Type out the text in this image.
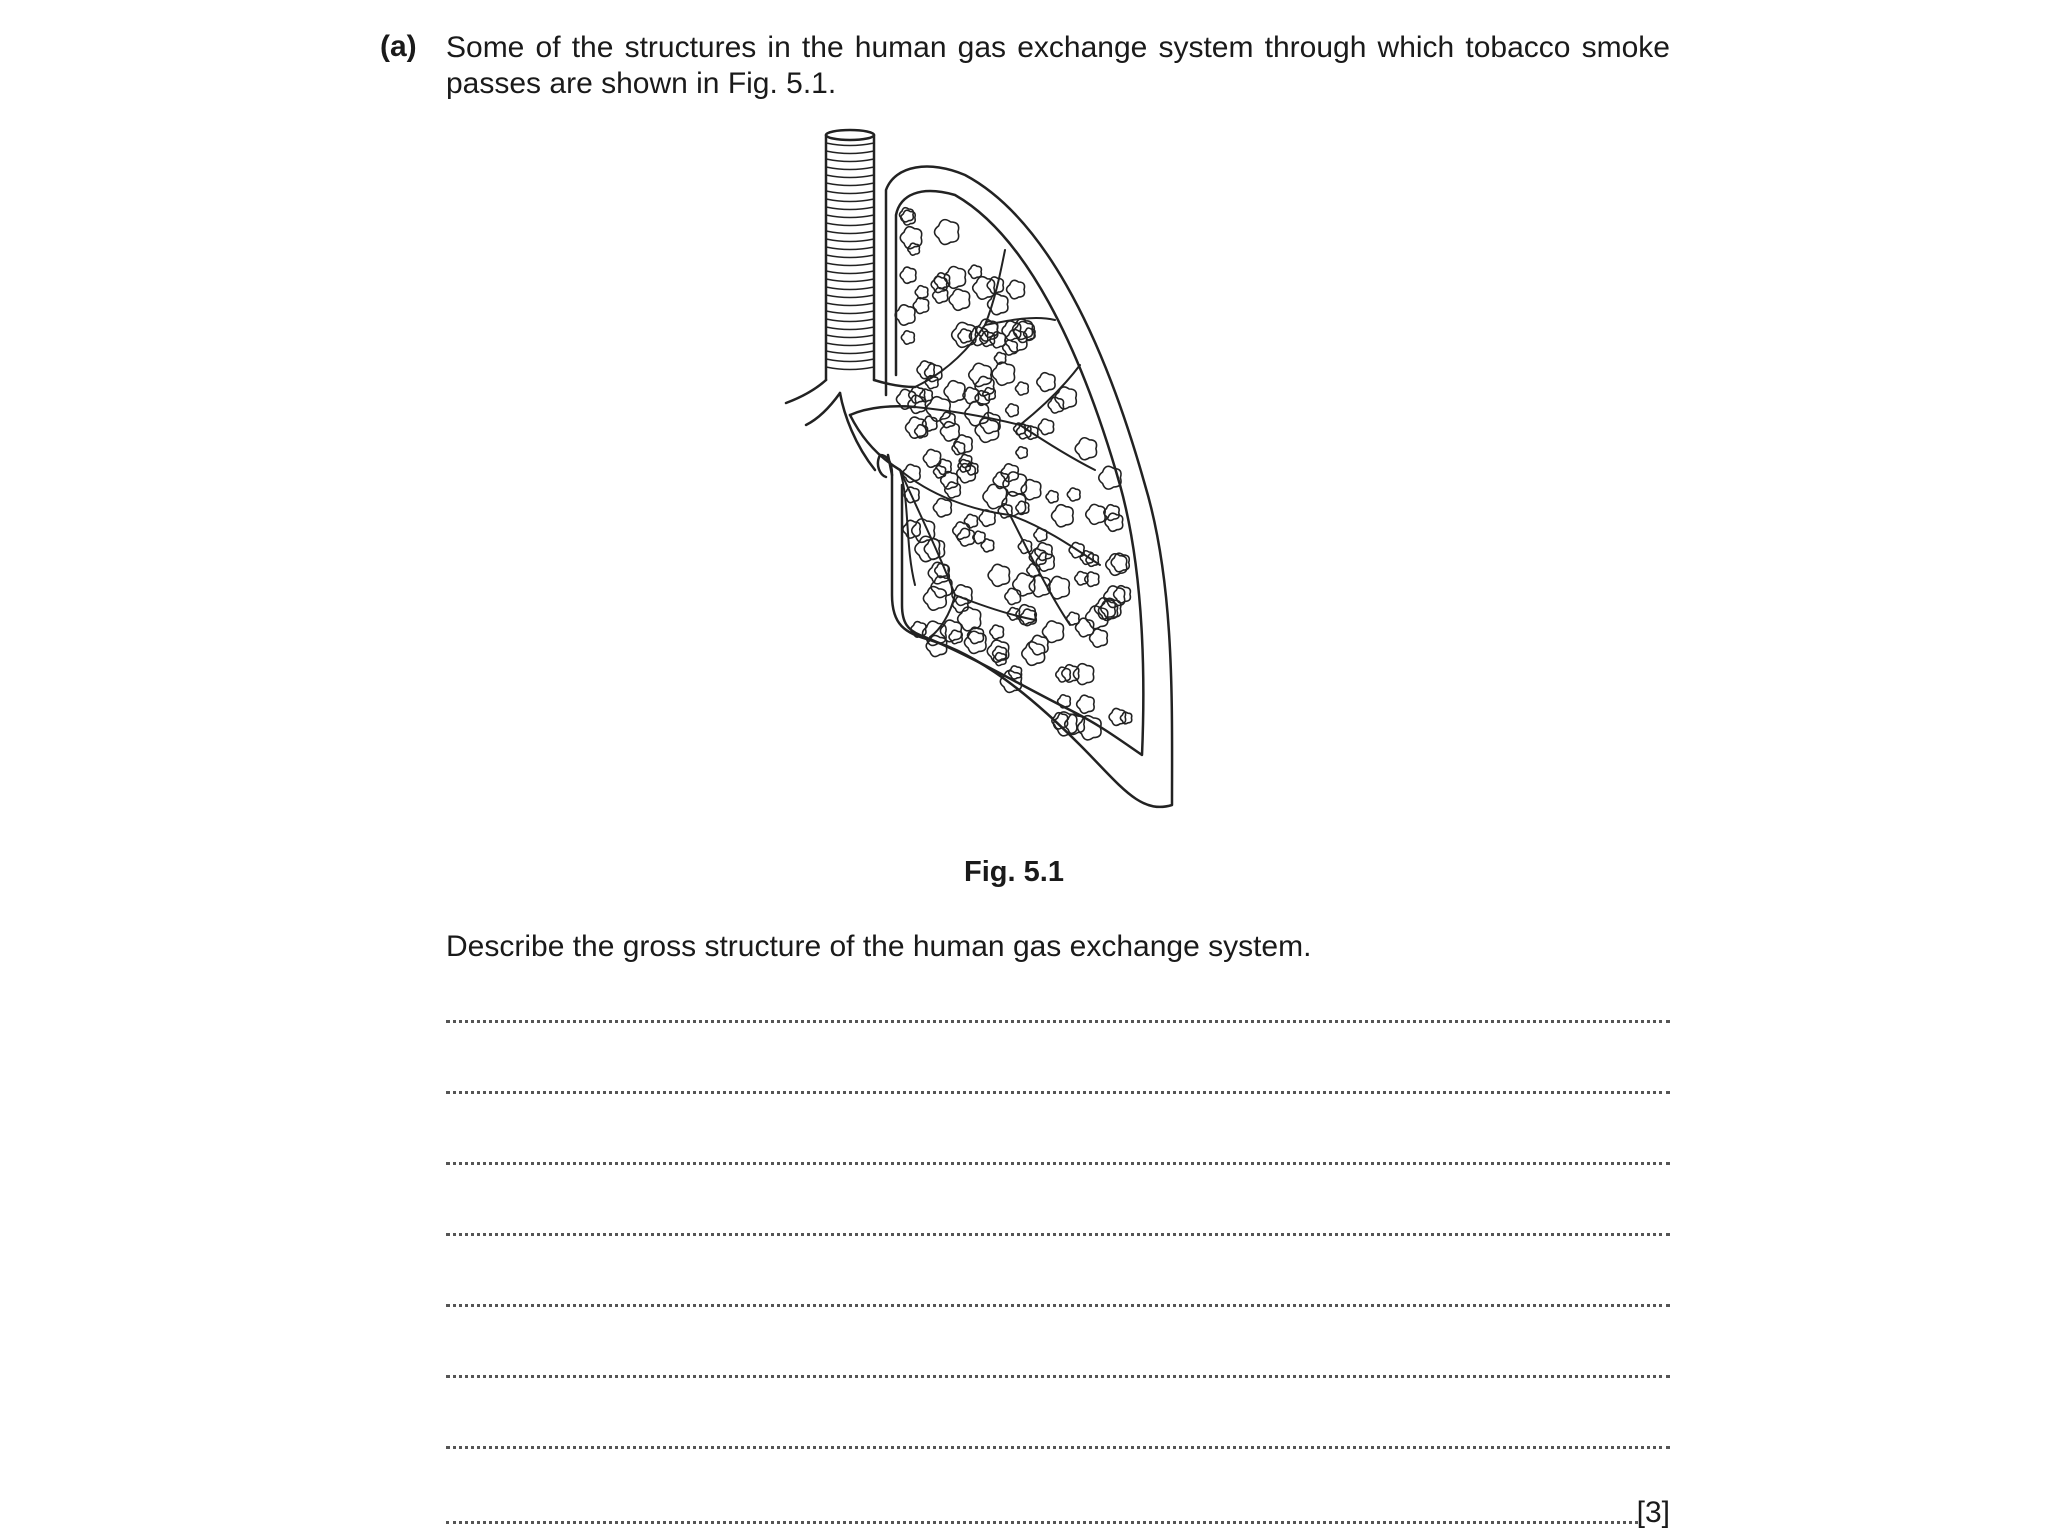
(a) Some of the structures in the human gas exchange system through which tobacco smoke passes are shown in Fig. 5.1.
Fig. 5.1
Describe the gross structure of the human gas exchange system.
[3]
